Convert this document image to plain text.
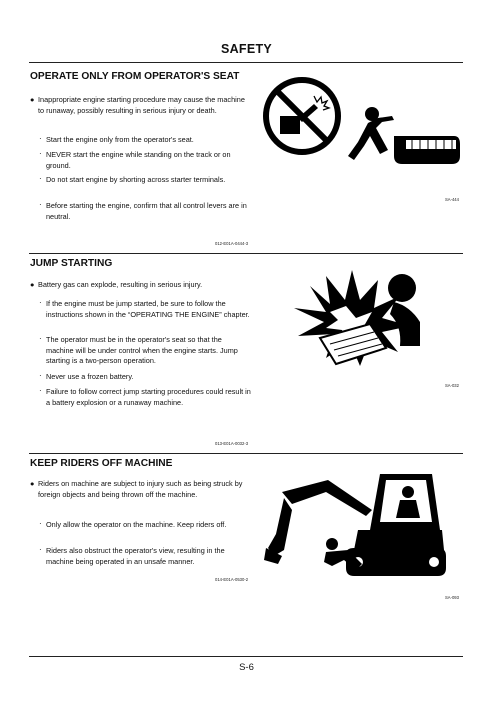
SAFETY
OPERATE ONLY FROM OPERATOR'S SEAT
● Inappropriate engine starting procedure may cause the machine to runaway, possibly resulting in serious injury or death.
· Start the engine only from the operator's seat.
· NEVER start the engine while standing on the track or on ground.
· Do not start engine by shorting across starter terminals.
· Before starting the engine, confirm that all control levers are in neutral.
SA-444
012-E01A-0444-3
JUMP STARTING
● Battery gas can explode, resulting in serious injury.
· If the engine must be jump started, be sure to follow the instructions shown in the “OPERATING THE ENGINE” chapter.
· The operator must be in the operator's seat so that the machine will be under control when the engine starts. Jump starting is a two-person operation.
· Never use a frozen battery.
· Failure to follow correct jump starting procedures could result in a battery explosion or a runaway machine.
SA-032
013-E01A-0032-3
KEEP RIDERS OFF MACHINE
● Riders on machine are subject to injury such as being struck by foreign objects and being thrown off the machine.
· Only allow the operator on the machine. Keep riders off.
· Riders also obstruct the operator's view, resulting in the machine being operated in an unsafe manner.
014-E01A-0530-2
SA-093
S-6
